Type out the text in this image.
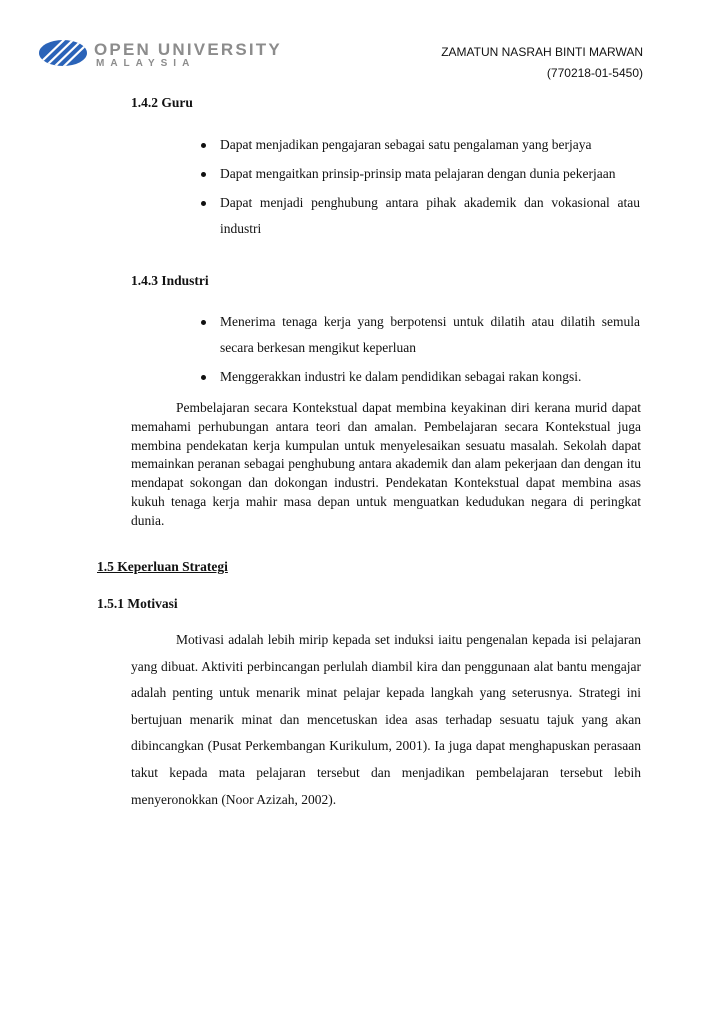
OPEN UNIVERSITY
MALAYSIA
ZAMATUN NASRAH BINTI MARWAN
(770218-01-5450)

1.4.2 Guru

Dapat menjadikan pengajaran sebagai satu pengalaman yang berjaya
Dapat mengaitkan prinsip-prinsip mata pelajaran dengan dunia pekerjaan
Dapat menjadi penghubung antara pihak akademik dan vokasional atau industri

1.4.3 Industri

Menerima tenaga kerja yang berpotensi untuk dilatih atau dilatih semula secara berkesan mengikut keperluan
Menggerakkan industri ke dalam pendidikan sebagai rakan kongsi.

Pembelajaran secara Kontekstual dapat membina keyakinan diri kerana murid dapat memahami perhubungan antara teori dan amalan. Pembelajaran secara Kontekstual juga membina pendekatan kerja kumpulan untuk menyelesaikan sesuatu masalah. Sekolah dapat memainkan peranan sebagai penghubung antara akademik dan alam pekerjaan dan dengan itu mendapat sokongan dan dokongan industri. Pendekatan Kontekstual dapat membina asas kukuh tenaga kerja mahir masa depan untuk menguatkan kedudukan negara di peringkat dunia.

1.5 Keperluan Strategi

1.5.1 Motivasi

Motivasi adalah lebih mirip kepada set induksi iaitu pengenalan kepada isi pelajaran yang dibuat. Aktiviti perbincangan perlulah diambil kira dan penggunaan alat bantu mengajar adalah penting untuk menarik minat pelajar kepada langkah yang seterusnya. Strategi ini bertujuan menarik minat dan mencetuskan idea asas terhadap sesuatu tajuk yang akan dibincangkan (Pusat Perkembangan Kurikulum, 2001). Ia juga dapat menghapuskan perasaan takut kepada mata pelajaran tersebut dan menjadikan pembelajaran tersebut lebih menyeronokkan (Noor Azizah, 2002).
